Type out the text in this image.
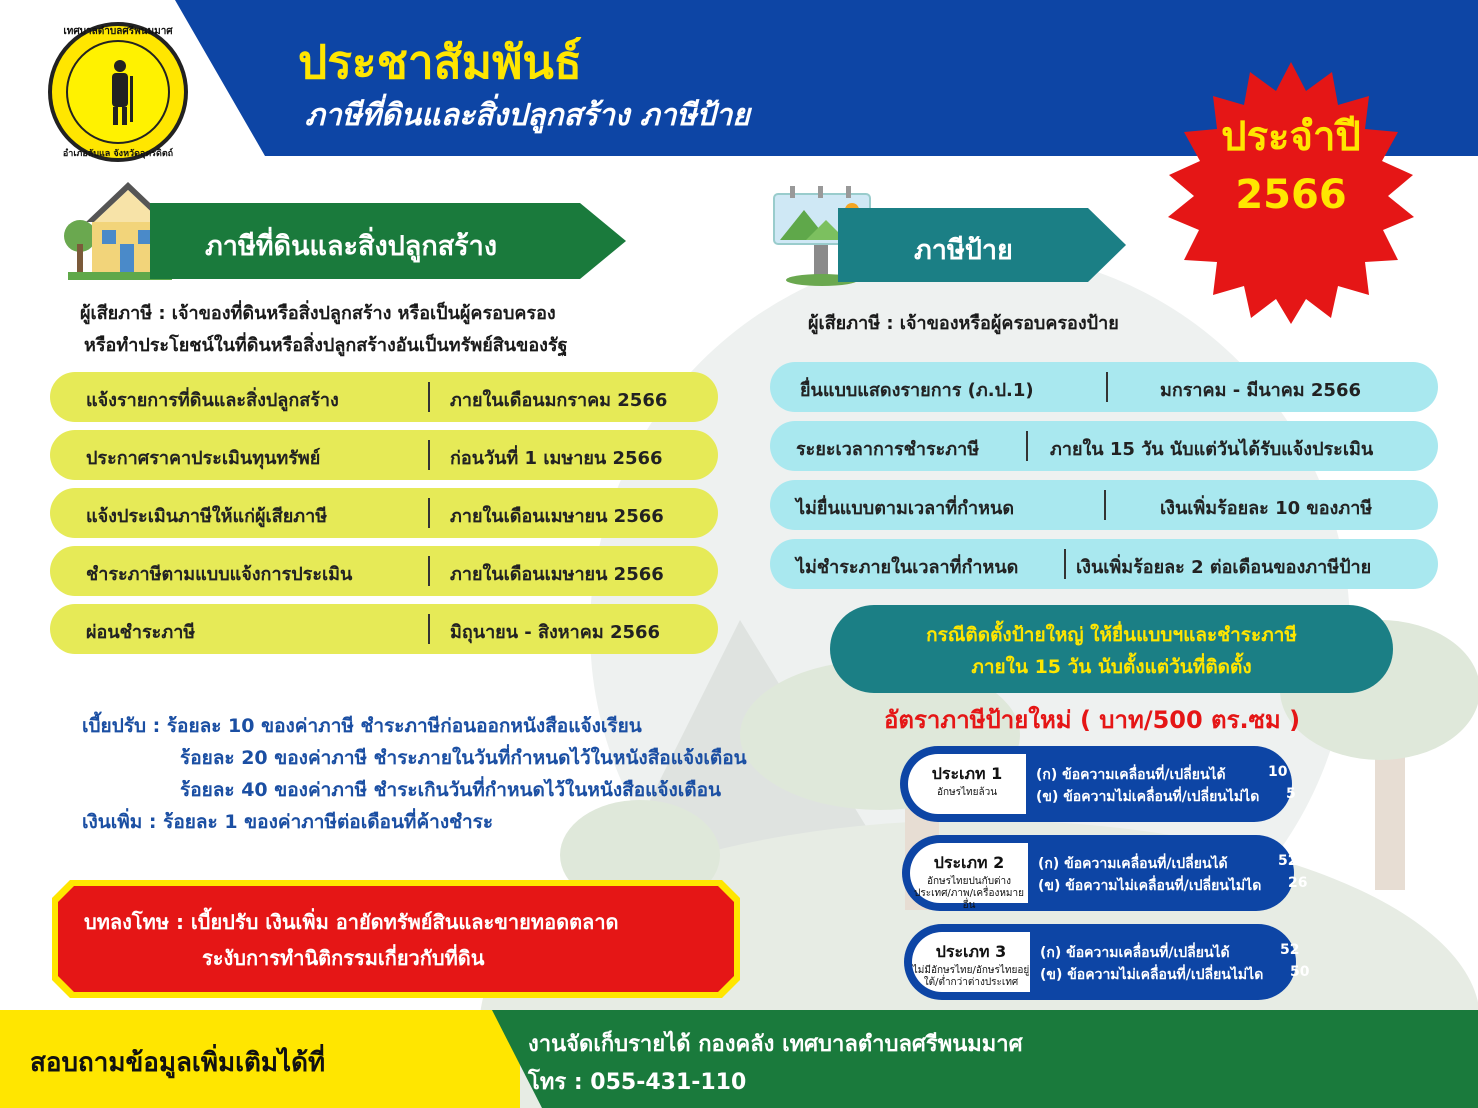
เทศบาลตำบลศรีพนมมาศ
อำเภอลับแล จังหวัดอุตรดิตถ์
ประชาสัมพันธ์
ภาษีที่ดินและสิ่งปลูกสร้าง ภาษีป้าย	ประจำปี
2566
ภาษีที่ดินและสิ่งปลูกสร้าง
ผู้เสียภาษี : เจ้าของที่ดินหรือสิ่งปลูกสร้าง หรือเป็นผู้ครอบครอง
หรือทำประโยชน์ในที่ดินหรือสิ่งปลูกสร้างอันเป็นทรัพย์สินของรัฐ
แจ้งรายการที่ดินและสิ่งปลูกสร้าง	ภายในเดือนมกราคม 2566
ประกาศราคาประเมินทุนทรัพย์	ก่อนวันที่ 1 เมษายน 2566
แจ้งประเมินภาษีให้แก่ผู้เสียภาษี	ภายในเดือนเมษายน 2566
ชำระภาษีตามแบบแจ้งการประเมิน	ภายในเดือนเมษายน 2566
ผ่อนชำระภาษี	มิถุนายน - สิงหาคม 2566
เบี้ยปรับ : ร้อยละ 10 ของค่าภาษี ชำระภาษีก่อนออกหนังสือแจ้งเรียน
ร้อยละ 20 ของค่าภาษี ชำระภายในวันที่กำหนดไว้ในหนังสือแจ้งเตือน
ร้อยละ 40 ของค่าภาษี ชำระเกินวันที่กำหนดไว้ในหนังสือแจ้งเตือน
เงินเพิ่ม : ร้อยละ 1 ของค่าภาษีต่อเดือนที่ค้างชำระ
บทลงโทษ : เบี้ยปรับ เงินเพิ่ม อายัดทรัพย์สินและขายทอดตลาด
ระงับการทำนิติกรรมเกี่ยวกับที่ดิน
ภาษีป้าย
ผู้เสียภาษี : เจ้าของหรือผู้ครอบครองป้าย
ยื่นแบบแสดงรายการ (ภ.ป.1)	มกราคม - มีนาคม 2566
ระยะเวลาการชำระภาษี	ภายใน 15 วัน นับแต่วันได้รับแจ้งประเมิน
ไม่ยื่นแบบตามเวลาที่กำหนด	เงินเพิ่มร้อยละ 10 ของภาษี
ไม่ชำระภายในเวลาที่กำหนด	เงินเพิ่มร้อยละ 2 ต่อเดือนของภาษีป้าย
กรณีติดตั้งป้ายใหญ่ ให้ยื่นแบบฯและชำระภาษี
ภายใน 15 วัน นับตั้งแต่วันที่ติดตั้ง
อัตราภาษีป้ายใหม่ ( บาท/500 ตร.ซม )
ประเภท 1
อักษรไทยล้วน
(ก) ข้อความเคลื่อนที่/เปลี่ยนได้	10
(ข) ข้อความไม่เคลื่อนที่/เปลี่ยนไม่ได 5
ประเภท 2
อักษรไทยปนกับต่างประเทศ/ภาพ/เครื่องหมายอื่น
(ก) ข้อความเคลื่อนที่/เปลี่ยนได้	52
(ข) ข้อความไม่เคลื่อนที่/เปลี่ยนไม่ได 26
ประเภท 3
ไม่มีอักษรไทย/อักษรไทยอยู่ใต้/ต่ำกว่าต่างประเทศ
(ก) ข้อความเคลื่อนที่/เปลี่ยนได้	52
(ข) ข้อความไม่เคลื่อนที่/เปลี่ยนไม่ได 50
สอบถามข้อมูลเพิ่มเติมได้ที่
งานจัดเก็บรายได้ กองคลัง เทศบาลตำบลศรีพนมมาศ
โทร : 055-431-110
